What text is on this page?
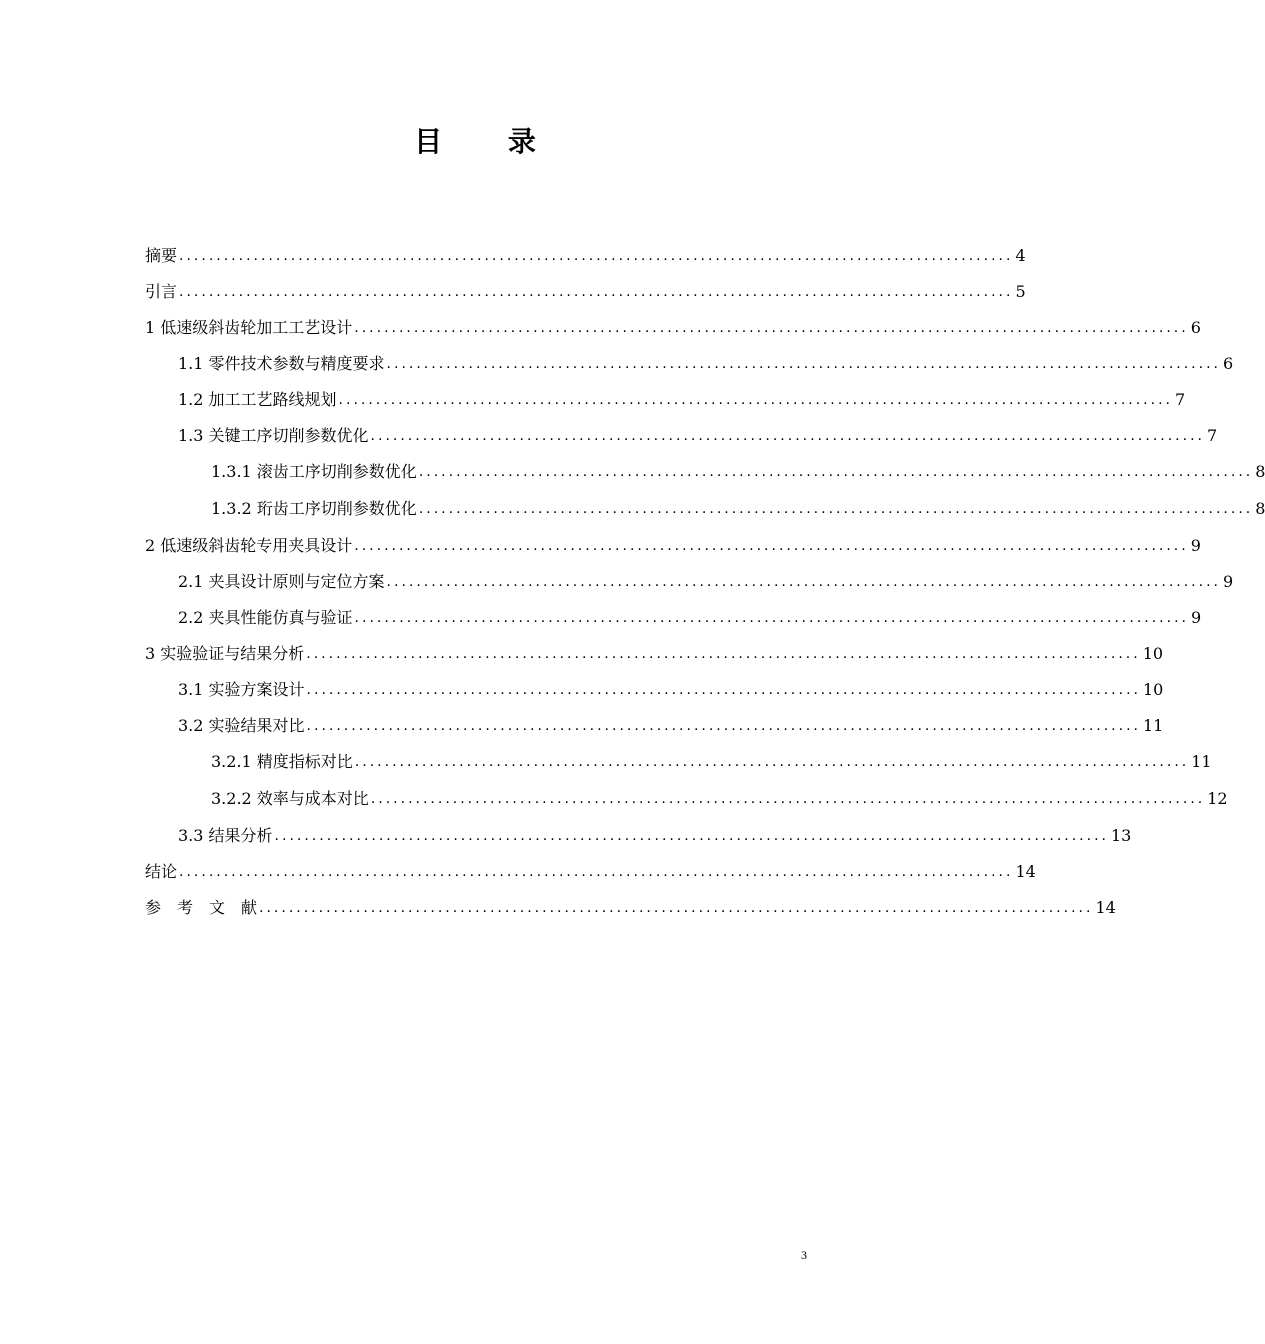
目 录
摘要 ................................................................................................................ 4
引言 ................................................................................................................ 5
1 低速级斜齿轮加工工艺设计 ................................................................................................................ 6
1.1 零件技术参数与精度要求 ................................................................................................................ 6
1.2 加工工艺路线规划 ................................................................................................................ 7
1.3 关键工序切削参数优化 ................................................................................................................ 7
1.3.1 滚齿工序切削参数优化 ................................................................................................................ 8
1.3.2 珩齿工序切削参数优化 ................................................................................................................ 8
2 低速级斜齿轮专用夹具设计 ................................................................................................................ 9
2.1 夹具设计原则与定位方案 ................................................................................................................ 9
2.2 夹具性能仿真与验证 ................................................................................................................ 9
3 实验验证与结果分析 ................................................................................................................ 10
3.1 实验方案设计 ................................................................................................................ 10
3.2 实验结果对比 ................................................................................................................ 11
3.2.1 精度指标对比 ................................................................................................................ 11
3.2.2 效率与成本对比 ................................................................................................................ 12
3.3 结果分析 ................................................................................................................ 13
结论 ................................................................................................................ 14
参　考　文　献 ................................................................................................................ 14
3
